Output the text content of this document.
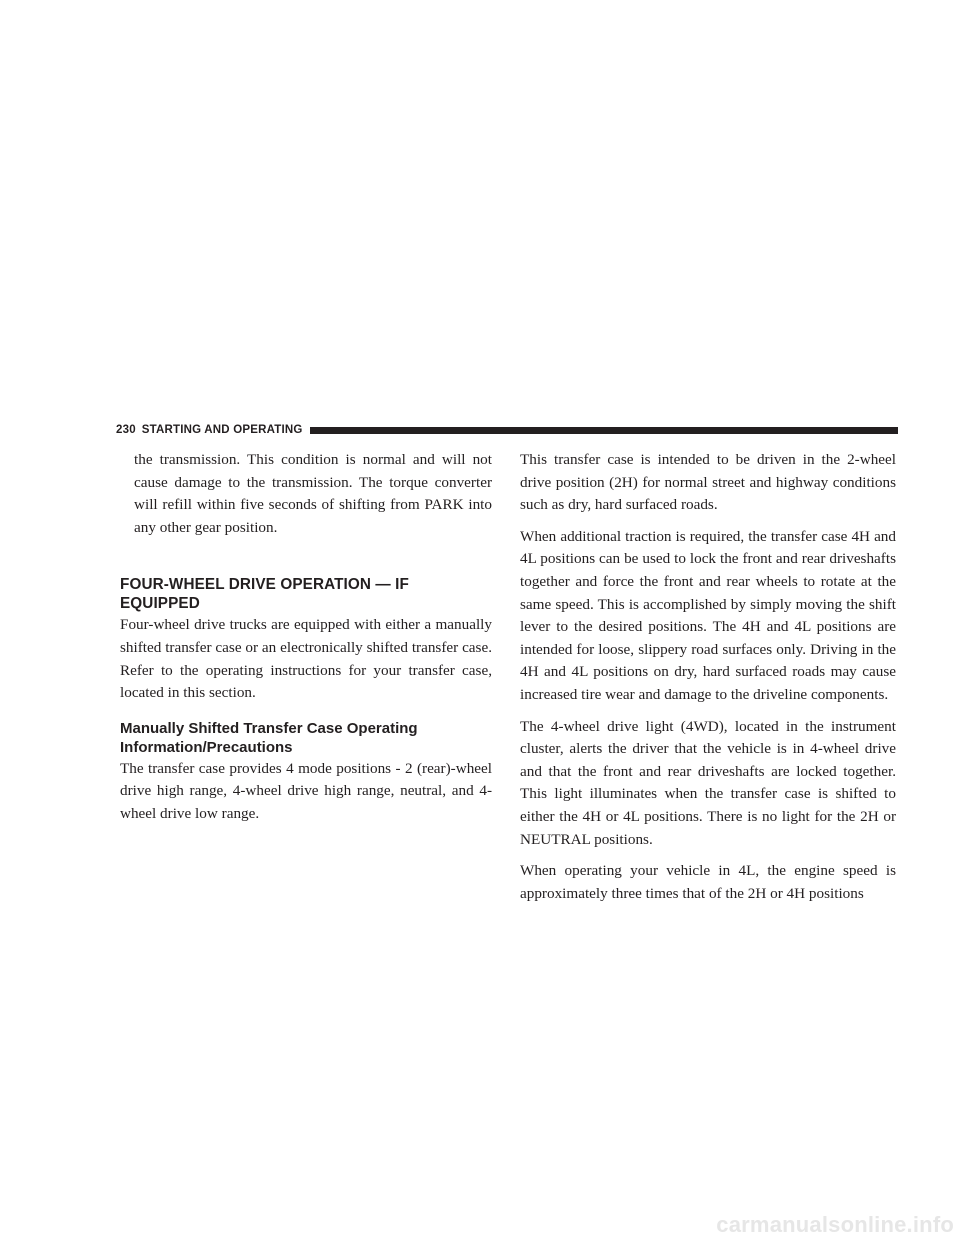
230 STARTING AND OPERATING

the transmission. This condition is normal and will not cause damage to the transmission. The torque converter will refill within five seconds of shifting from PARK into any other gear position.

FOUR-WHEEL DRIVE OPERATION — IF
EQUIPPED

Four-wheel drive trucks are equipped with either a manually shifted transfer case or an electronically shifted transfer case. Refer to the operating instructions for your transfer case, located in this section.

Manually Shifted Transfer Case Operating
Information/Precautions

The transfer case provides 4 mode positions - 2 (rear)-wheel drive high range, 4-wheel drive high range, neutral, and 4-wheel drive low range.

This transfer case is intended to be driven in the 2-wheel drive position (2H) for normal street and highway conditions such as dry, hard surfaced roads.

When additional traction is required, the transfer case 4H and 4L positions can be used to lock the front and rear driveshafts together and force the front and rear wheels to rotate at the same speed. This is accomplished by simply moving the shift lever to the desired positions. The 4H and 4L positions are intended for loose, slippery road surfaces only. Driving in the 4H and 4L positions on dry, hard surfaced roads may cause increased tire wear and damage to the driveline components.

The 4-wheel drive light (4WD), located in the instrument cluster, alerts the driver that the vehicle is in 4-wheel drive and that the front and rear driveshafts are locked together. This light illuminates when the transfer case is shifted to either the 4H or 4L positions. There is no light for the 2H or NEUTRAL positions.

When operating your vehicle in 4L, the engine speed is approximately three times that of the 2H or 4H positions

carmanualsonline.info
